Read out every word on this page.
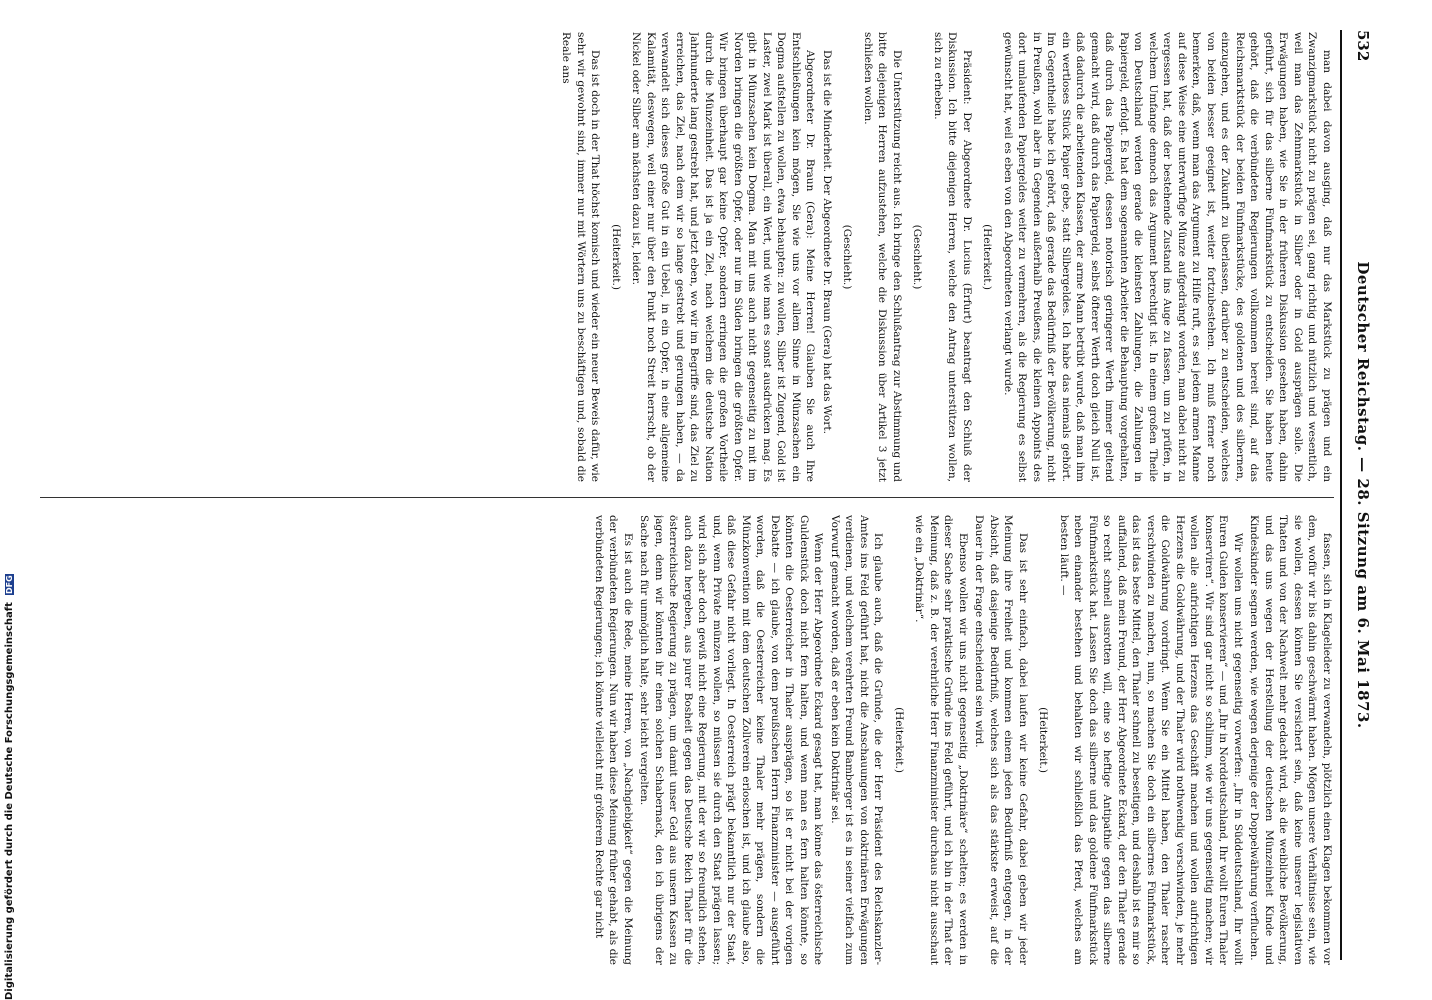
532
Deutscher Reichstag. — 28. Sitzung am 6. Mai 1873.

man dabei davon ausging, daß nur das Markstück zu prägen und ein Zwanzigmarkstück nicht zu prägen sei, gang richtig und nützlich und wesentlich, weil man das Zehnmarkstück in Silber oder in Gold ausprägen solle. Die Erwägungen haben, wie Sie in der früheren Diskussion gesehen haben, dahin geführt, sich für das silberne Fünfmarkstück zu entscheiden. Sie haben heute gehört, daß die verbündeten Regierungen vollkommen bereit sind, auf das Reichsmarktstück der beiden Fünfmarkstücke, des goldenen und des silbernen, einzugehen, und es der Zukunft zu überlassen, darüber zu entscheiden, welches von beiden besser geeignet ist, weiter fortzubestehen. Ich muß ferner noch bemerken, daß, wenn man das Argument zu Hilfe ruft, es sei jedem armen Manne auf diese Weise eine unterwürfige Münze aufgedrängt worden, man dabei nicht zu vergessen hat, daß der bestehende Zustand ins Auge zu fassen, um zu prüfen, in welchem Umfange dennoch das Argument berechtigt ist. In einem großen Theile von Deutschland werden gerade die kleinsten Zahlungen, die Zahlungen in Papiergeld, erfolgt. Es hat dem sogenannten Arbeiter die Behauptung vorgehalten, daß durch das Papiergeld, dessen notorisch geringerer Werth immer geltend gemacht wird, daß durch das Papiergeld, selbst öfterer Werth doch gleich Null ist, daß dadurch die arbeitenden Klassen, der arme Mann betrübt wurde, daß man ihm ein wertloses Stück Papier gebe, statt Silbergeldes. Ich habe das niemals gehört. Im Gegentheile habe ich gehört, daß gerade das Bedürfniß der Bevölkerung, nicht in Preußen, wohl aber in Gegenden außerhalb Preußens, die kleinen Appoints des dort umlaufenden Papiergeldes weiter zu vermehren, als die Regierung es selbst gewünscht hat, weil es eben von den Abgeordneten verlangt wurde.

(Heiterkeit.)

Präsident: Der Abgeordnete Dr. Lucius (Erfurt) beantragt den Schluß der Diskussion. Ich bitte diejenigen Herren, welche den Antrag unterstützen wollen, sich zu erheben.

(Geschieht.)

Die Unterstützung reicht aus. Ich bringe den Schlußantrag zur Abstimmung und bitte diejenigen Herren aufzustehen, welche die Diskussion über Artikel 3 jetzt schließen wollen.

(Geschieht.)

Das ist die Minderheit. Der Abgeordnete Dr. Braun (Gera) hat das Wort.

Abgeordneter Dr. Braun (Gera): Meine Herren! Glauben Sie auch Ihre Entschließungen kein mögen, Sie wie uns vor allem Sinne in Münzsachen ein Dogma aufstellen zu wollen, etwa behaupten: zu wollen, Silber ist Zugend, Gold ist Laster, zwei Mark ist überall, ein Wert, und wie man es sonst ausdrücken mag. Es gibt in Münzsachen kein Dogma. Man mit uns auch nicht gegenseitig zu mit im Norden bringen die größten Opfer, oder nur im Süden bringen die größten Opfer. Wir bringen überhaupt gar keine Opfer, sondern erringen die großen Vortheile durch die Münzeinheit. Das ist ja ein Ziel, nach welchem die deutsche Nation Jahrhunderte lang gestrebt hat, und jetzt eben, wo wir im Begriffe sind, das Ziel zu erreichen, das Ziel, nach dem wir so lange gestrebt und gerungen haben, — da verwandelt sich dieses große Gut in ein Uebel, in ein Opfer, in eine allgemeine Kalamität, deswegen, weil einer nur über den Punkt noch Streit herrscht, ob der Nickel oder Silber am nächsten dazu ist, leider.

(Heiterkeit.)

Das ist doch in der That höchst komisch und wieder ein neuer Beweis dafür, wie sehr wir gewohnt sind, immer nur mit Wörtern uns zu beschäftigen und, sobald die Reale ans

fassen, sich in Klagelieder zu verwandeln, plötzlich einen Klagen bekommen vor dem, wofür wir bis dahin geschwärmt haben. Mögen unsere Verhältnisse sein, wie sie wollen, dessen können Sie versichert sein, daß keine unserer legislativen Thaten und von der Nachwelt mehr gedacht wird, als die weibliche Bevölkerung, und das uns wegen der Herstellung der deutschen Münzeinheit Kinde und Kindeskinder segnen werden, wie wegen derjenige der Doppelwährung verfluchen.

Wir wollen uns nicht gegenseitig vorwerfen: „Ihr in Süddeutschland, Ihr wollt Euren Gulden konservieren“ — und „Ihr in Norddeutschland, Ihr wollt Euren Thaler konserviren“. Wir sind gar nicht so schlimm, wie wir uns gegenseitig machen; wir wollen alle aufrichtigen Herzens das Geschäft machen und wollen aufrichtigen Herzens die Goldwährung, und der Thaler wird nothwendig verschwinden, je mehr die Goldwährung vordringt. Wenn Sie ein Mittel haben, den Thaler rascher verschwinden zu machen, nun, so machen Sie doch ein silbernes Fünfmarkstück, das ist das beste Mittel, den Thaler schnell zu beseitigen, und deshalb ist es mir so auffallend, daß mein Freund, der Herr Abgeordnete Eckard, der den Thaler gerade so recht schnell ausrotten will, eine so heftige Antipathie gegen das silberne Fünfmarkstück hat. Lassen Sie doch das silberne und das goldene Fünfmarkstück neben einander bestehen und behalten wir schließlich das Pferd, welches am besten läuft. —

(Heiterkeit.)

Das ist sehr einfach, dabei laufen wir keine Gefahr, dabei geben wir jeder Meinung ihre Freiheit und kommen einem jeden Bedürfniß entgegen, in der Absicht, daß dasjenige Bedürfniß, welches sich als das stärkste erweist, auf die Dauer in der Frage entscheidend sein wird.

Ebenso wollen wir uns nicht gegenseitig „Doktrinäre“ schelten; es werden in dieser Sache sehr praktische Gründe ins Feld geführt, und ich bin in der That der Meinung, daß z. B. der verehrliche Herr Finanzminister durchaus nicht ausschaut wie ein „Doktrinär“.

(Heiterkeit.)

Ich glaube auch, daß die Gründe, die der Herr Präsident des Reichskanzler-Amtes ins Feld geführt hat, nicht die Anschauungen von doktrinären Erwägungen verdienen, und welchem verehrten Freund Bamberger ist es in seiner vielfach zum Vorwurf gemacht worden, daß er eben kein Doktrinär sei.

Wenn der Herr Abgeordnete Eckard gesagt hat, man könne das österreichische Guldenstück doch nicht fern halten, und wenn man es fern halten könnte, so könnten die Oesterreicher in Thaler ausprägen, so ist er nicht bei der vorigen Debatte — ich glaube, von dem preußischen Herrn Finanzminister — ausgeführt worden, daß die Oesterreicher keine Thaler mehr prägen, sondern die Münzkonvention mit dem deutschen Zollverein erloschen ist, und ich glaube also, daß diese Gefahr nicht vorliegt. In Oesterreich prägt bekanntlich nur der Staat, und, wenn Private münzen wollen, so müssen sie durch den Staat prägen lassen; wird sich aber doch gewiß nicht eine Regierung, mit der wir so freundlich stehen, auch dazu hergeben, aus purer Bosheit gegen das Deutsche Reich Thaler für die österreichische Regierung zu prägen, um damit unser Geld aus unsern Kassen zu jagen, denn wir könnten ihr einen solchen Schabernack, den ich übrigens der Sache nach für unmöglich halte, sehr leicht vergelten.

Es ist auch die Rede, meine Herren, von „Nachgiebigkeit“ gegen die Meinung der verbündeten Regierungen. Nun wir haben diese Meinung früher gehabt, als die verbündeten Regierungen; ich könnte vielleicht mit größerem Rechte gar nicht

Digitalisierung gefördert durch die Deutsche Forschungsgemeinschaft DFG
